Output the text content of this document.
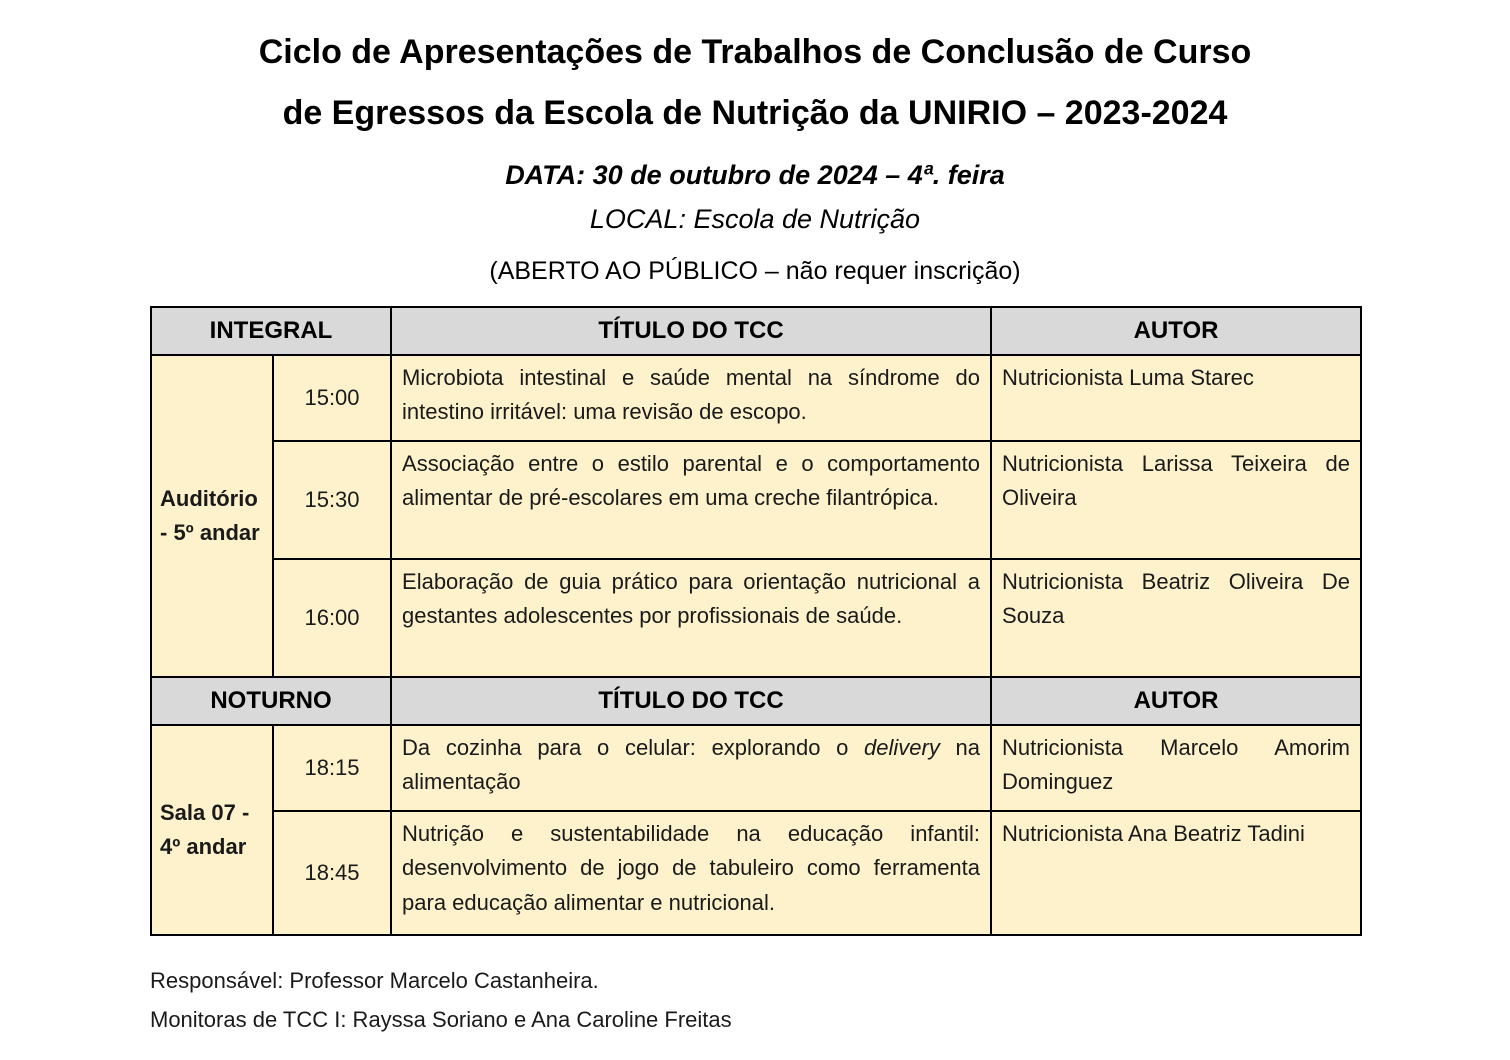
Ciclo de Apresentações de Trabalhos de Conclusão de Curso
de Egressos da Escola de Nutrição da UNIRIO – 2023-2024

DATA: 30 de outubro de 2024 – 4ª. feira

LOCAL: Escola de Nutrição

(ABERTO AO PÚBLICO – não requer inscrição)

INTEGRAL		TÍTULO DO TCC	AUTOR

Auditório
- 5º andar	15:00	Microbiota intestinal e saúde mental na síndrome do intestino irritável: uma revisão de escopo.	Nutricionista Luma Starec
	15:30	Associação entre o estilo parental e o comportamento alimentar de pré-escolares em uma creche filantrópica.	Nutricionista Larissa Teixeira de Oliveira
	16:00	Elaboração de guia prático para orientação nutricional a gestantes adolescentes por profissionais de saúde.	Nutricionista Beatriz Oliveira De Souza
NOTURNO		TÍTULO DO TCC	AUTOR

Sala 07 -
4º andar	18:15	Da cozinha para o celular: explorando o delivery na alimentação	Nutricionista Marcelo Amorim Dominguez
	18:45	Nutrição e sustentabilidade na educação infantil: desenvolvimento de jogo de tabuleiro como ferramenta para educação alimentar e nutricional.	Nutricionista Ana Beatriz Tadini

Responsável: Professor Marcelo Castanheira.

Monitoras de TCC I: Rayssa Soriano e Ana Caroline Freitas
